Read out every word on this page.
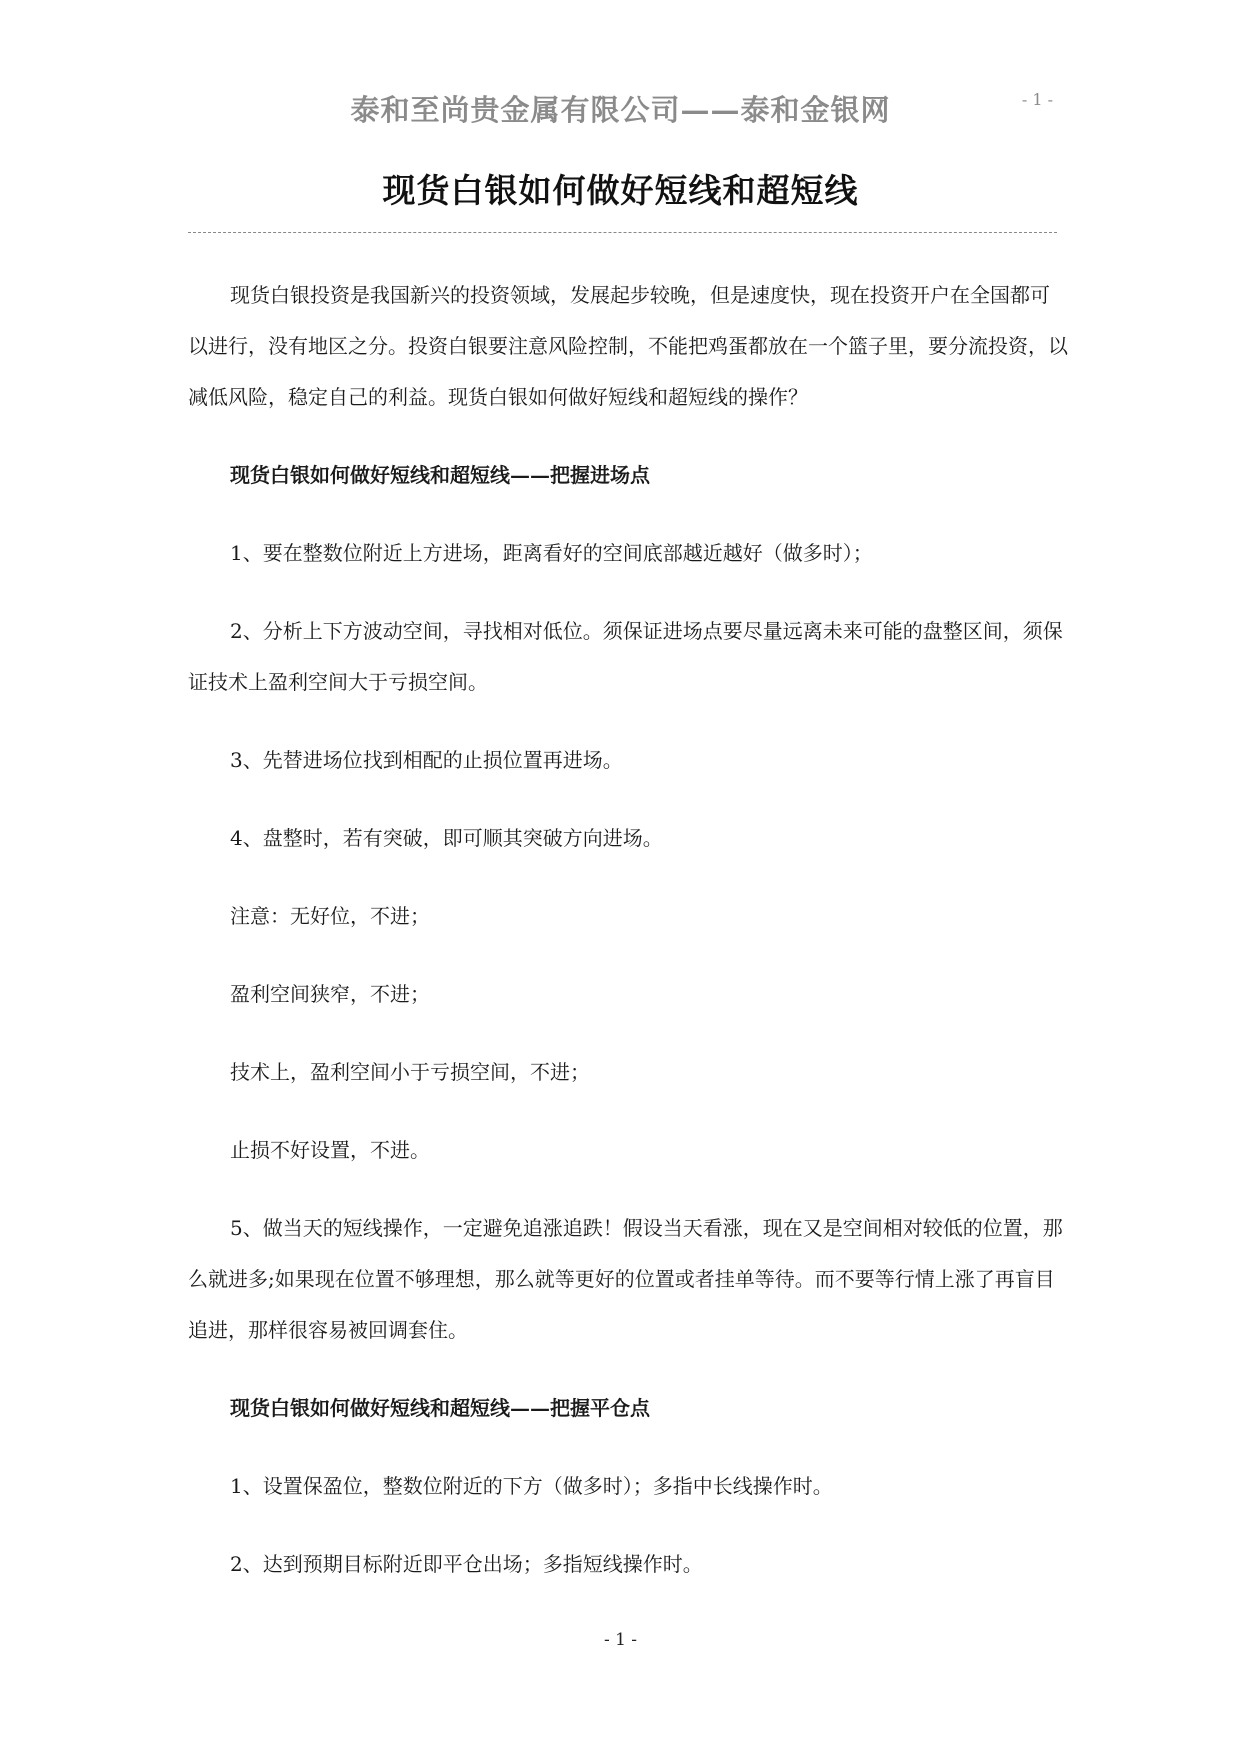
泰和至尚贵金属有限公司——泰和金银网	- 1 -
现货白银如何做好短线和超短线

现货白银投资是我国新兴的投资领域，发展起步较晚，但是速度快，现在投资开户在全国都可以进行，没有地区之分。投资白银要注意风险控制，不能把鸡蛋都放在一个篮子里，要分流投资，以减低风险，稳定自己的利益。现货白银如何做好短线和超短线的操作？

现货白银如何做好短线和超短线——把握进场点

1、要在整数位附近上方进场，距离看好的空间底部越近越好（做多时）；

2、分析上下方波动空间，寻找相对低位。须保证进场点要尽量远离未来可能的盘整区间，须保证技术上盈利空间大于亏损空间。

3、先替进场位找到相配的止损位置再进场。

4、盘整时，若有突破，即可顺其突破方向进场。

注意：无好位，不进；

盈利空间狭窄，不进；

技术上，盈利空间小于亏损空间，不进；

止损不好设置，不进。

5、做当天的短线操作，一定避免追涨追跌！假设当天看涨，现在又是空间相对较低的位置，那么就进多;如果现在位置不够理想，那么就等更好的位置或者挂单等待。而不要等行情上涨了再盲目追进，那样很容易被回调套住。

现货白银如何做好短线和超短线——把握平仓点

1、设置保盈位，整数位附近的下方（做多时）；多指中长线操作时。

2、达到预期目标附近即平仓出场；多指短线操作时。

- 1 -
